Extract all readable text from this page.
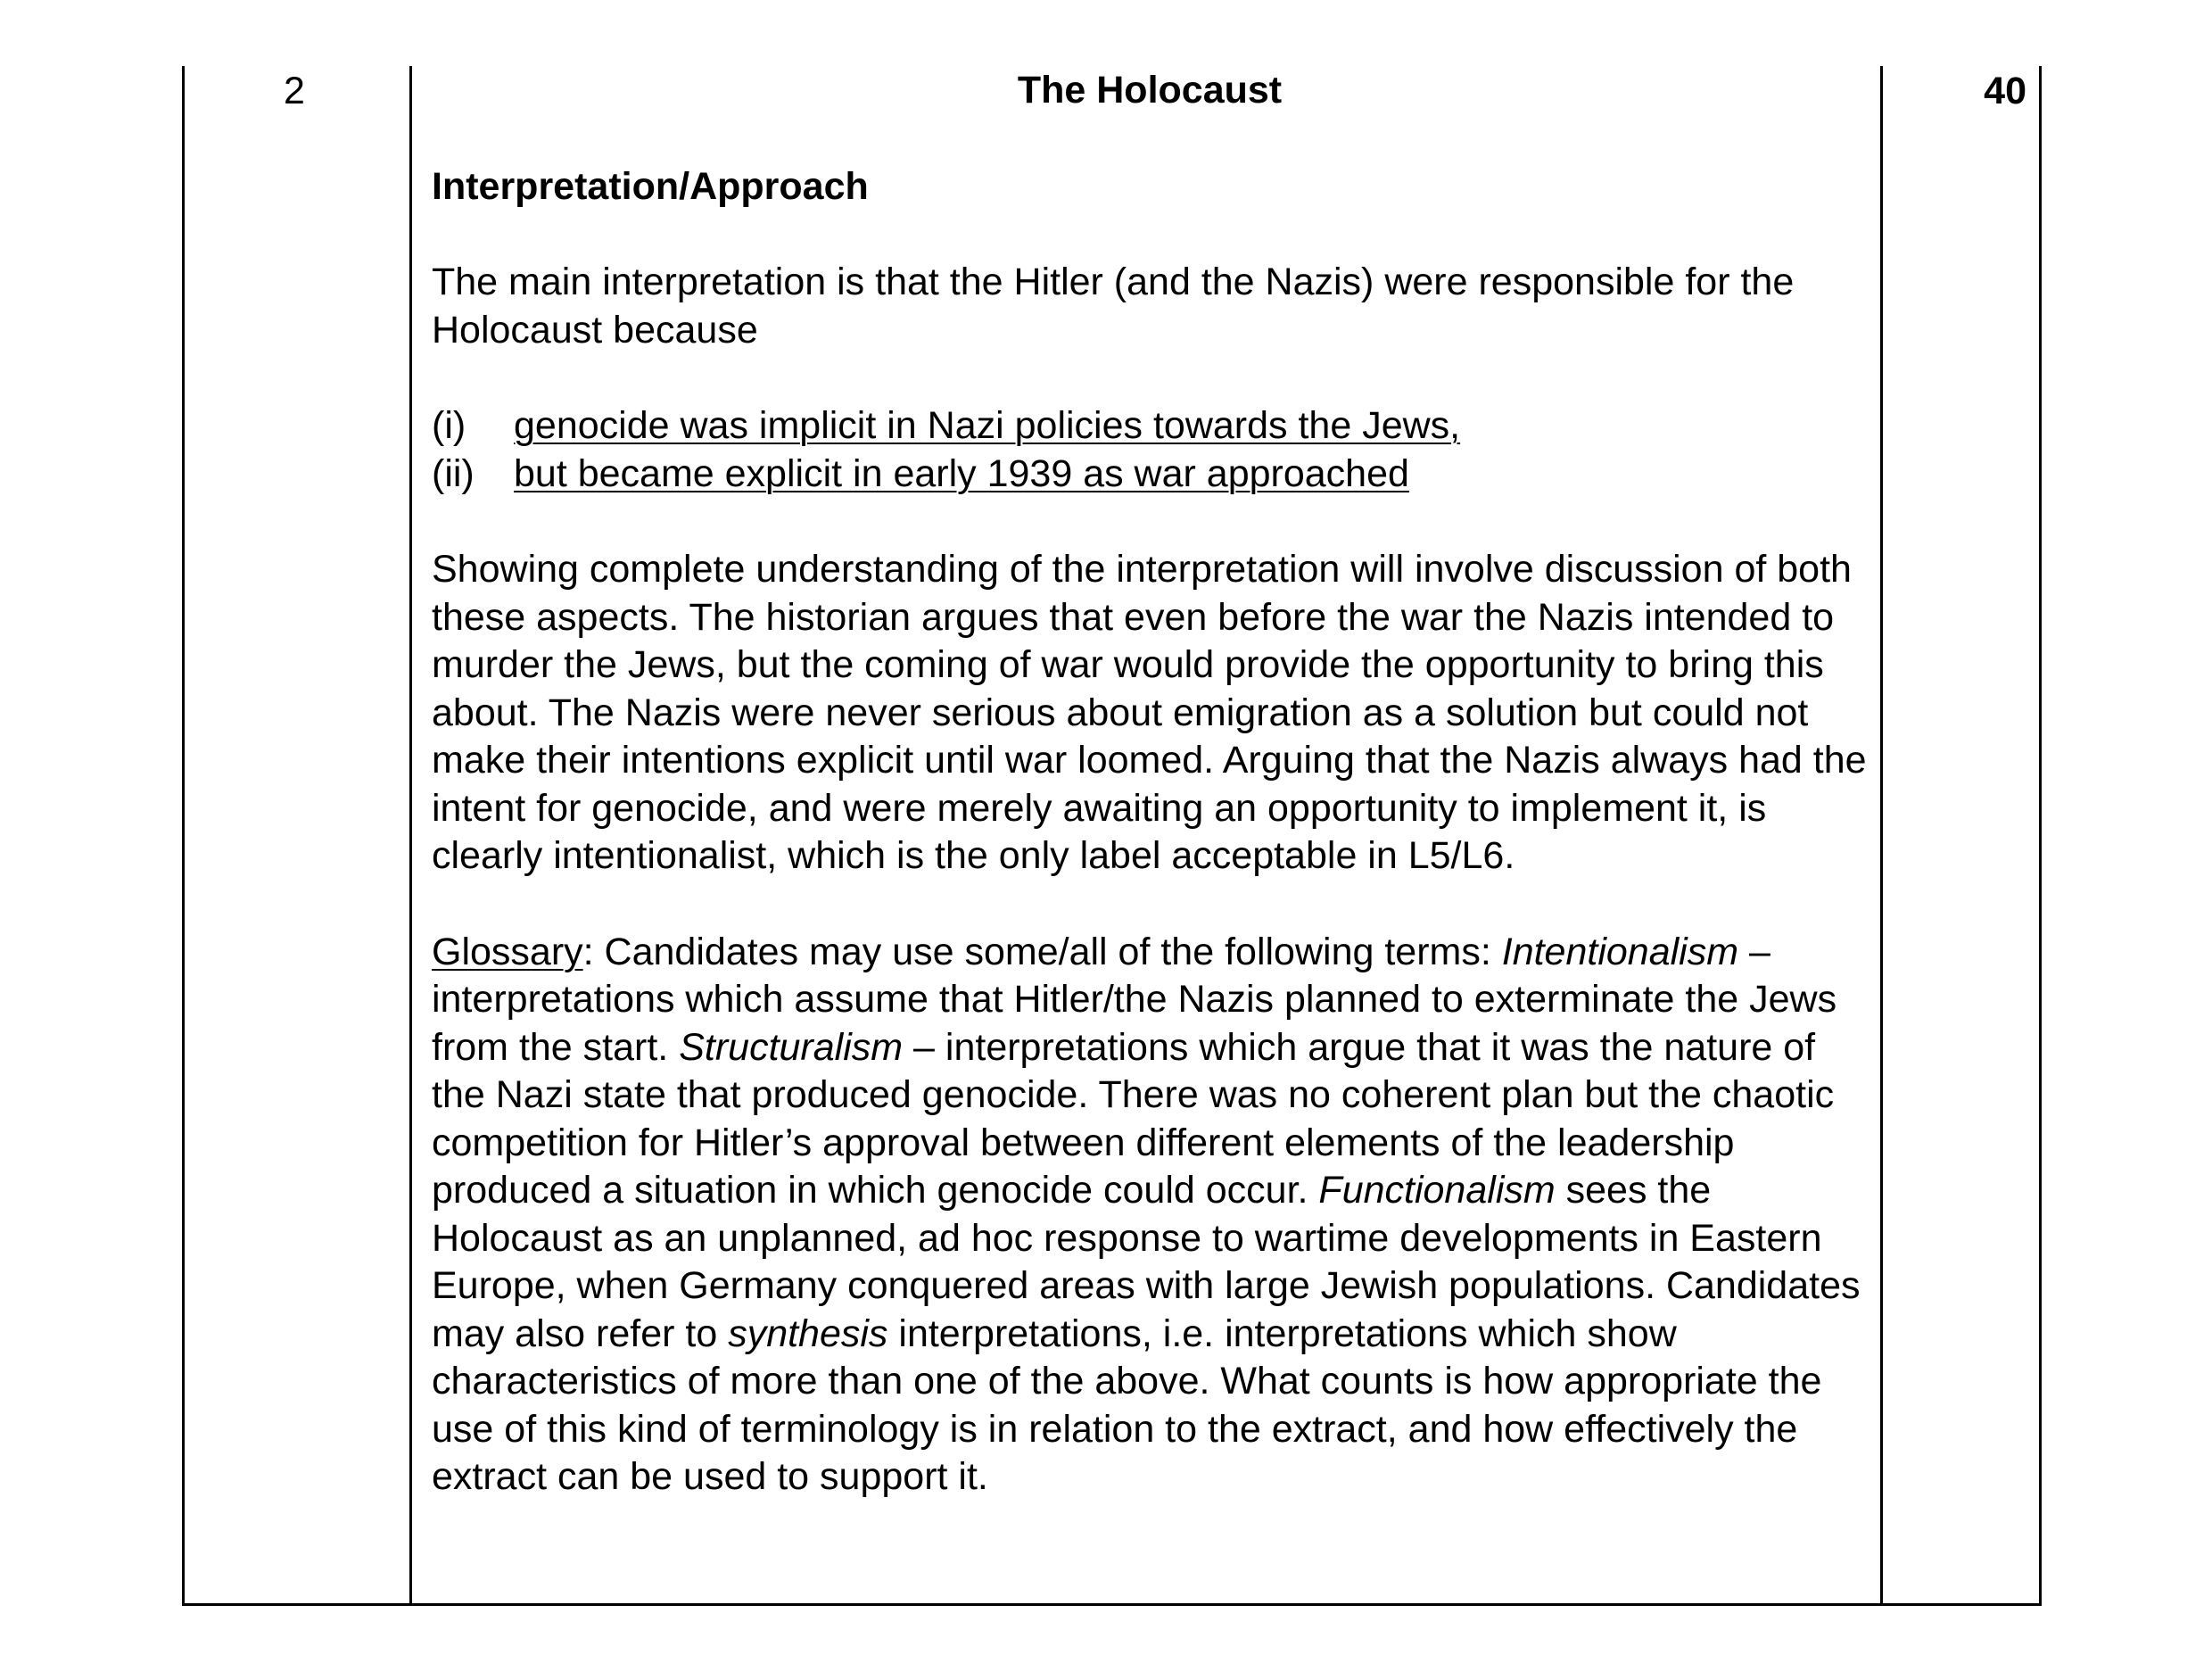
2	40

The Holocaust

Interpretation/Approach

The main interpretation is that the Hitler (and the Nazis) were responsible for the Holocaust because

(i)	genocide was implicit in Nazi policies towards the Jews,
(ii)	but became explicit in early 1939 as war approached

Showing complete understanding of the interpretation will involve discussion of both these aspects. The historian argues that even before the war the Nazis intended to murder the Jews, but the coming of war would provide the opportunity to bring this about. The Nazis were never serious about emigration as a solution but could not make their intentions explicit until war loomed. Arguing that the Nazis always had the intent for genocide, and were merely awaiting an opportunity to implement it, is clearly intentionalist, which is the only label acceptable in L5/L6.

Glossary: Candidates may use some/all of the following terms: Intentionalism – interpretations which assume that Hitler/the Nazis planned to exterminate the Jews from the start. Structuralism – interpretations which argue that it was the nature of the Nazi state that produced genocide. There was no coherent plan but the chaotic competition for Hitler’s approval between different elements of the leadership produced a situation in which genocide could occur. Functionalism sees the Holocaust as an unplanned, ad hoc response to wartime developments in Eastern Europe, when Germany conquered areas with large Jewish populations. Candidates may also refer to synthesis interpretations, i.e. interpretations which show characteristics of more than one of the above. What counts is how appropriate the use of this kind of terminology is in relation to the extract, and how effectively the extract can be used to support it.
